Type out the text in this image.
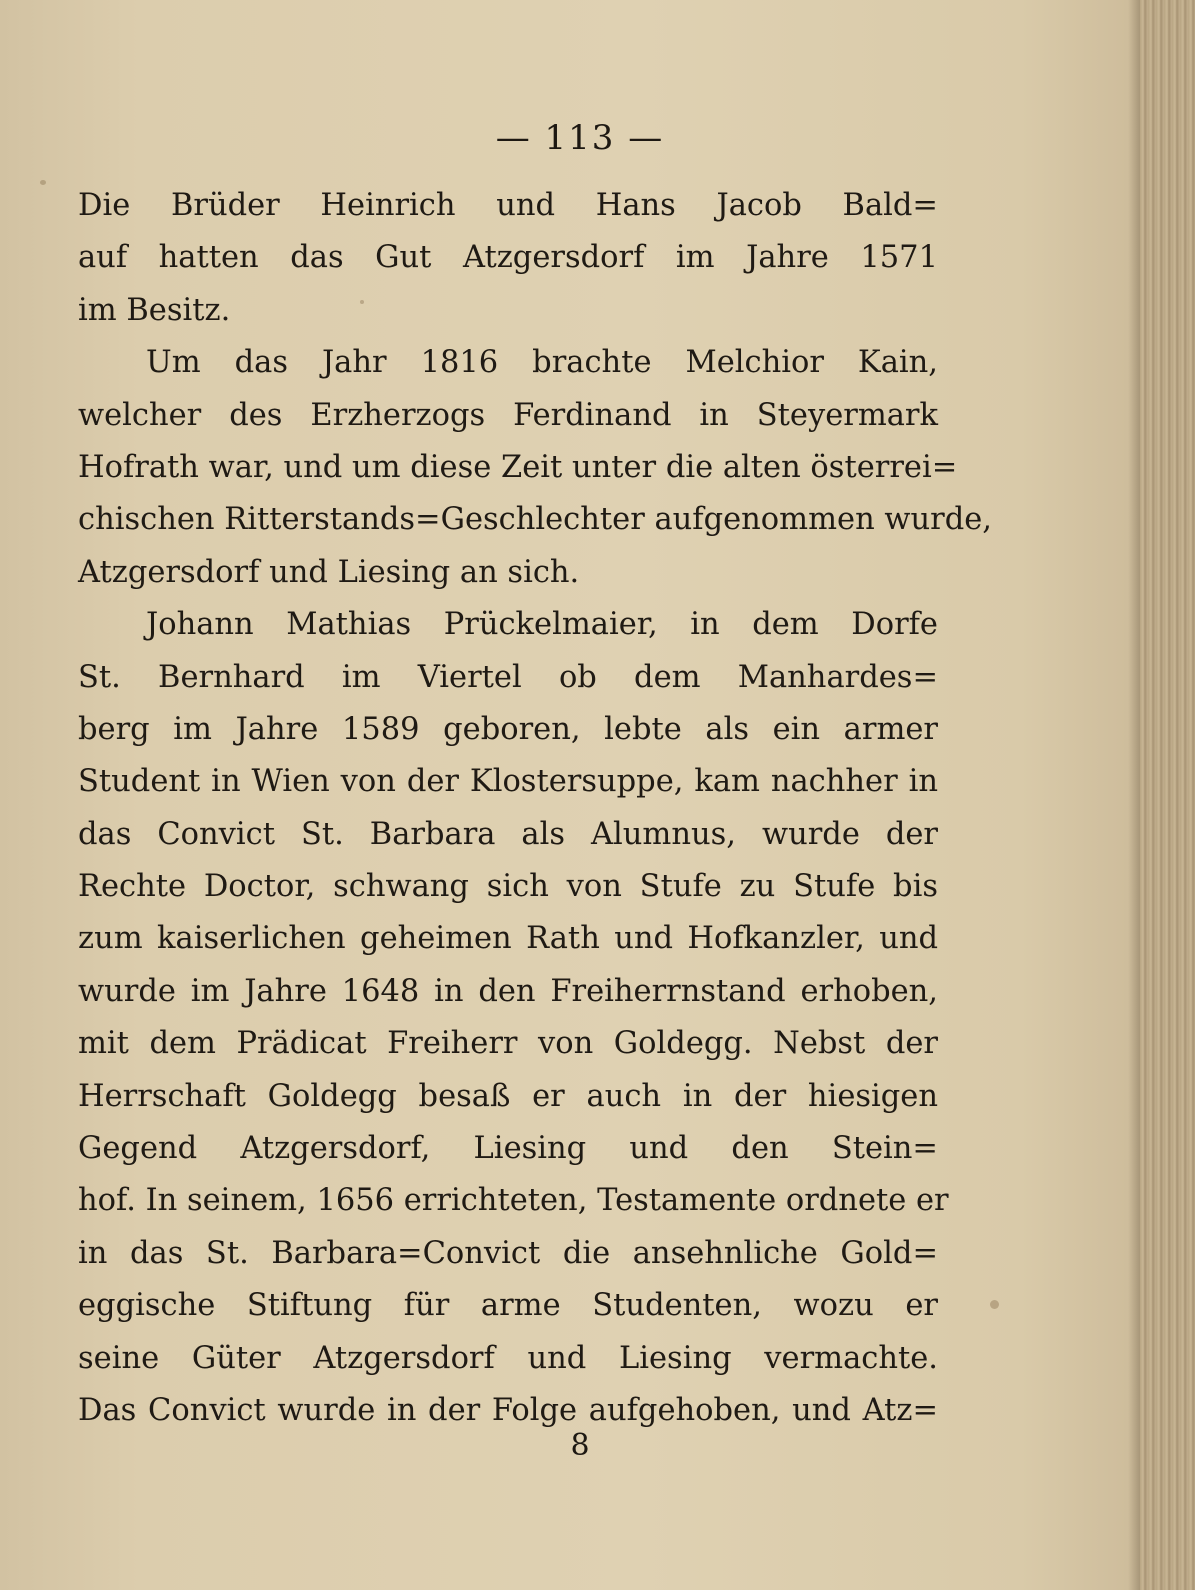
— 113 —
Die Brüder Heinrich und Hans Jacob Bald=
auf hatten das Gut Atzgersdorf im Jahre 1571
im Besitz.
Um das Jahr 1816 brachte Melchior Kain,
welcher des Erzherzogs Ferdinand in Steyermark
Hofrath war, und um diese Zeit unter die alten österrei=
chischen Ritterstands=Geschlechter aufgenommen wurde,
Atzgersdorf und Liesing an sich.
Johann Mathias Prückelmaier, in dem Dorfe
St. Bernhard im Viertel ob dem Manhardes=
berg im Jahre 1589 geboren, lebte als ein armer
Student in Wien von der Klostersuppe, kam nachher in
das Convict St. Barbara als Alumnus, wurde der
Rechte Doctor, schwang sich von Stufe zu Stufe bis
zum kaiserlichen geheimen Rath und Hofkanzler, und
wurde im Jahre 1648 in den Freiherrnstand erhoben,
mit dem Prädicat Freiherr von Goldegg. Nebst der
Herrschaft Goldegg besaß er auch in der hiesigen
Gegend Atzgersdorf, Liesing und den Stein=
hof. In seinem, 1656 errichteten, Testamente ordnete er
in das St. Barbara=Convict die ansehnliche Gold=
eggische Stiftung für arme Studenten, wozu er
seine Güter Atzgersdorf und Liesing vermachte.
Das Convict wurde in der Folge aufgehoben, und Atz=
8
